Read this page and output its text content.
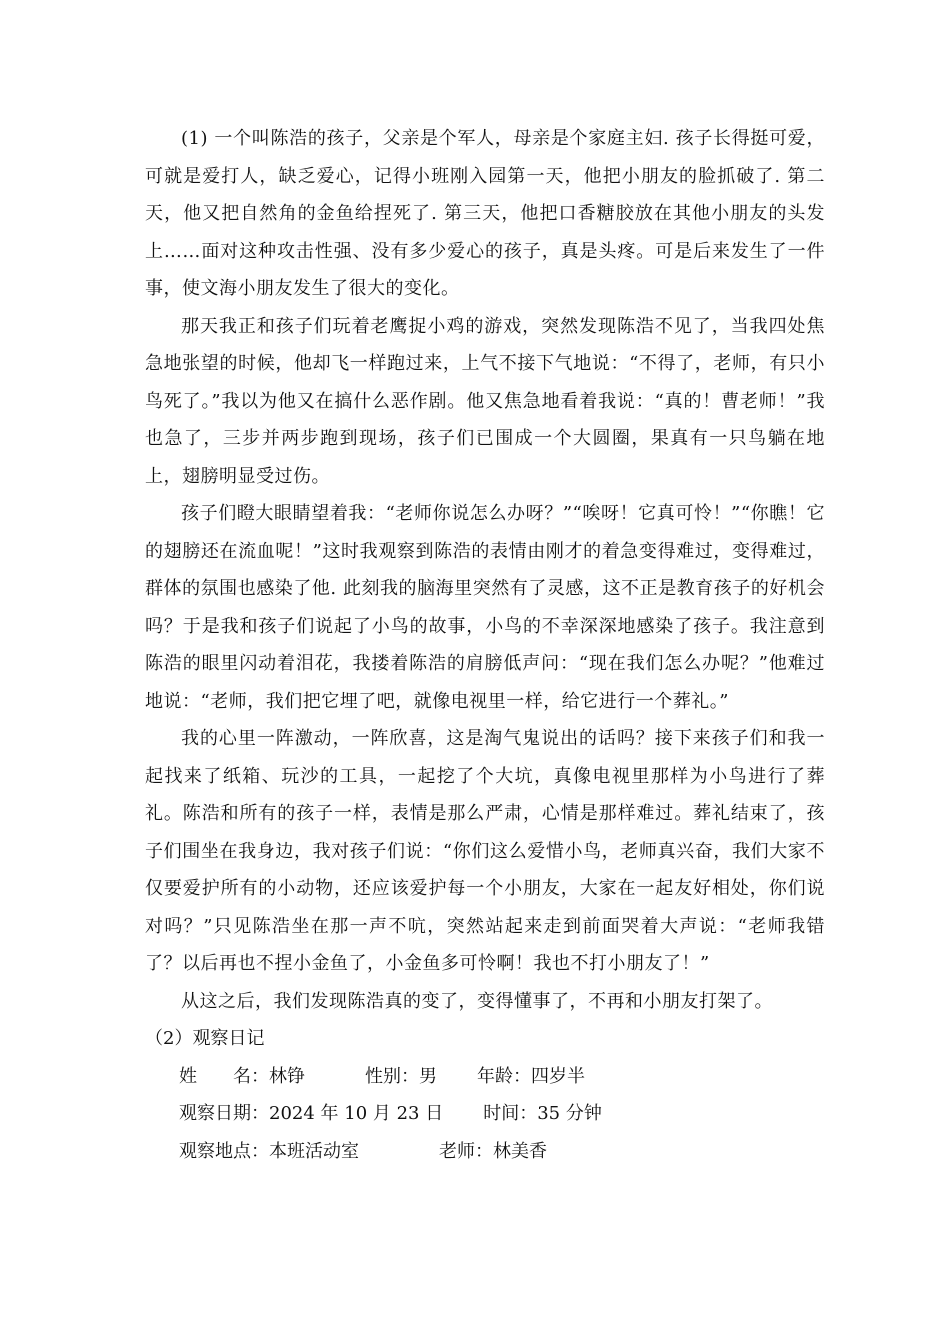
(1) 一个叫陈浩的孩子，父亲是个军人，母亲是个家庭主妇. 孩子长得挺可爱，可就是爱打人，缺乏爱心，记得小班刚入园第一天，他把小朋友的脸抓破了. 第二天，他又把自然角的金鱼给捏死了. 第三天，他把口香糖胶放在其他小朋友的头发上……面对这种攻击性强、没有多少爱心的孩子，真是头疼。可是后来发生了一件事，使文海小朋友发生了很大的变化。

那天我正和孩子们玩着老鹰捉小鸡的游戏，突然发现陈浩不见了，当我四处焦急地张望的时候，他却飞一样跑过来，上气不接下气地说：“不得了，老师，有只小鸟死了。”我以为他又在搞什么恶作剧。他又焦急地看着我说：“真的！曹老师！”我也急了，三步并两步跑到现场，孩子们已围成一个大圆圈，果真有一只鸟躺在地上，翅膀明显受过伤。

孩子们瞪大眼睛望着我：“老师你说怎么办呀？”“唉呀！它真可怜！”“你瞧！它的翅膀还在流血呢！”这时我观察到陈浩的表情由刚才的着急变得难过，变得难过，群体的氛围也感染了他. 此刻我的脑海里突然有了灵感，这不正是教育孩子的好机会吗？于是我和孩子们说起了小鸟的故事，小鸟的不幸深深地感染了孩子。我注意到陈浩的眼里闪动着泪花，我搂着陈浩的肩膀低声问：“现在我们怎么办呢？”他难过地说：“老师，我们把它埋了吧，就像电视里一样，给它进行一个葬礼。”

我的心里一阵激动，一阵欣喜，这是淘气鬼说出的话吗？接下来孩子们和我一起找来了纸箱、玩沙的工具，一起挖了个大坑，真像电视里那样为小鸟进行了葬礼。陈浩和所有的孩子一样，表情是那么严肃，心情是那样难过。葬礼结束了，孩子们围坐在我身边，我对孩子们说：“你们这么爱惜小鸟，老师真兴奋，我们大家不仅要爱护所有的小动物，还应该爱护每一个小朋友，大家在一起友好相处，你们说对吗？”只见陈浩坐在那一声不吭，突然站起来走到前面哭着大声说：“老师我错了？以后再也不捏小金鱼了，小金鱼多可怜啊！我也不打小朋友了！”

从这之后，我们发现陈浩真的变了，变得懂事了，不再和小朋友打架了。

（2）观察日记

姓　　名：林铮	性别：男 年龄：四岁半

观察日期：2024 年 10 月 23 日 时间：35 分钟

观察地点：本班活动室	老师：林美香
